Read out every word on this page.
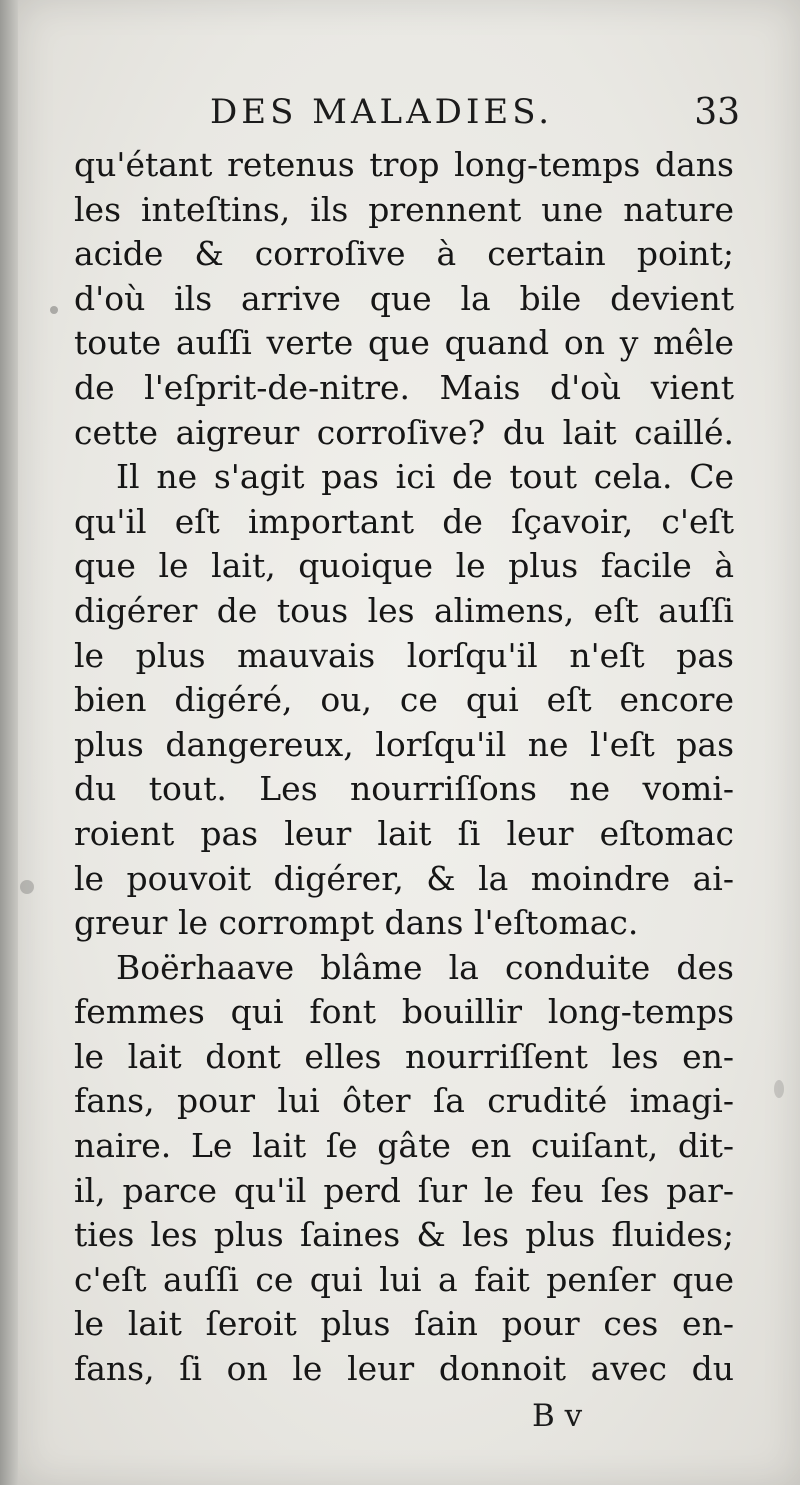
DES MALADIES.	33
qu'étant retenus trop long-temps dans
les inteſtins, ils prennent une nature
acide & corroſive à certain point;
d'où ils arrive que la bile devient
toute auſſi verte que quand on y mêle
de l'eſprit-de-nitre. Mais d'où vient
cette aigreur corroſive? du lait caillé.
Il ne s'agit pas ici de tout cela. Ce
qu'il eſt important de ſçavoir, c'eſt
que le lait, quoique le plus facile à
digérer de tous les alimens, eſt auſſi
le plus mauvais lorſqu'il n'eſt pas
bien digéré, ou, ce qui eſt encore
plus dangereux, lorſqu'il ne l'eſt pas
du tout. Les nourriſſons ne vomi-
roient pas leur lait ſi leur eſtomac
le pouvoit digérer, & la moindre ai-
greur le corrompt dans l'eſtomac.
Boërhaave blâme la conduite des
femmes qui font bouillir long-temps
le lait dont elles nourriſſent les en-
fans, pour lui ôter ſa crudité imagi-
naire. Le lait ſe gâte en cuiſant, dit-
il, parce qu'il perd ſur le feu ſes par-
ties les plus ſaines & les plus fluides;
c'eſt auſſi ce qui lui a fait penſer que
le lait ſeroit plus ſain pour ces en-
fans, ſi on le leur donnoit avec du
B v
